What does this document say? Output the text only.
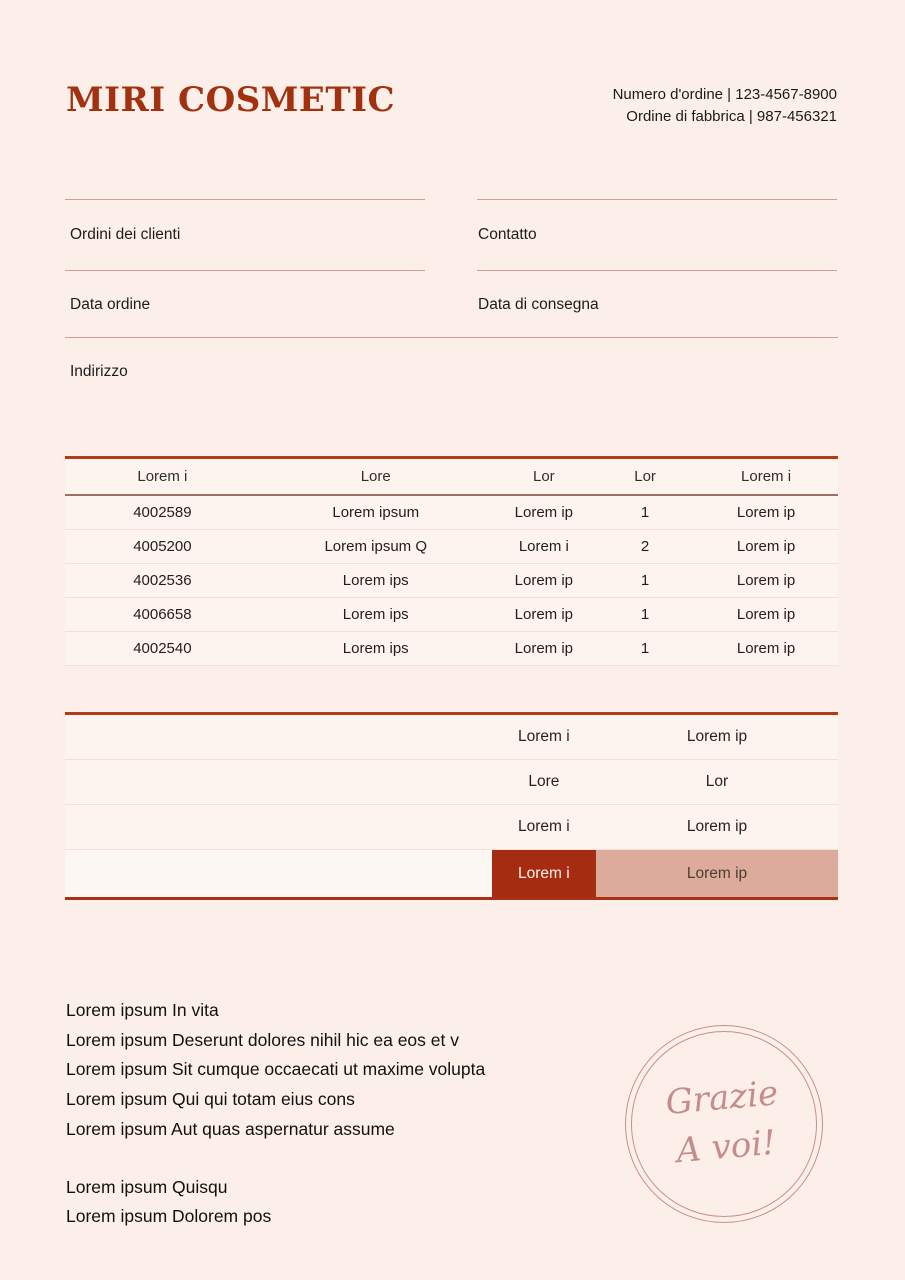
MIRI COSMETIC	Numero d'ordine | 123-4567-8900
Ordine di fabbrica | 987-456321
Ordini dei clienti	Contatto
Data ordine	Data di consegna
Indirizzo
Lorem i	Lore	Lor	Lor	Lorem i
4002589	Lorem ipsum	Lorem ip	1	Lorem ip
4005200	Lorem ipsum Q	Lorem i	2	Lorem ip
4002536	Lorem ips	Lorem ip	1	Lorem ip
4006658	Lorem ips	Lorem ip	1	Lorem ip
4002540	Lorem ips	Lorem ip	1	Lorem ip
Lorem i	Lorem ip
Lore	Lor
Lorem i	Lorem ip
Lorem i	Lorem ip
Lorem ipsum In vita
Lorem ipsum Deserunt dolores nihil hic ea eos et v
Lorem ipsum Sit cumque occaecati ut maxime volupta
Lorem ipsum Qui qui totam eius cons
Lorem ipsum Aut quas aspernatur assume
Lorem ipsum Quisqu
Lorem ipsum Dolorem pos
Grazie
A voi!
